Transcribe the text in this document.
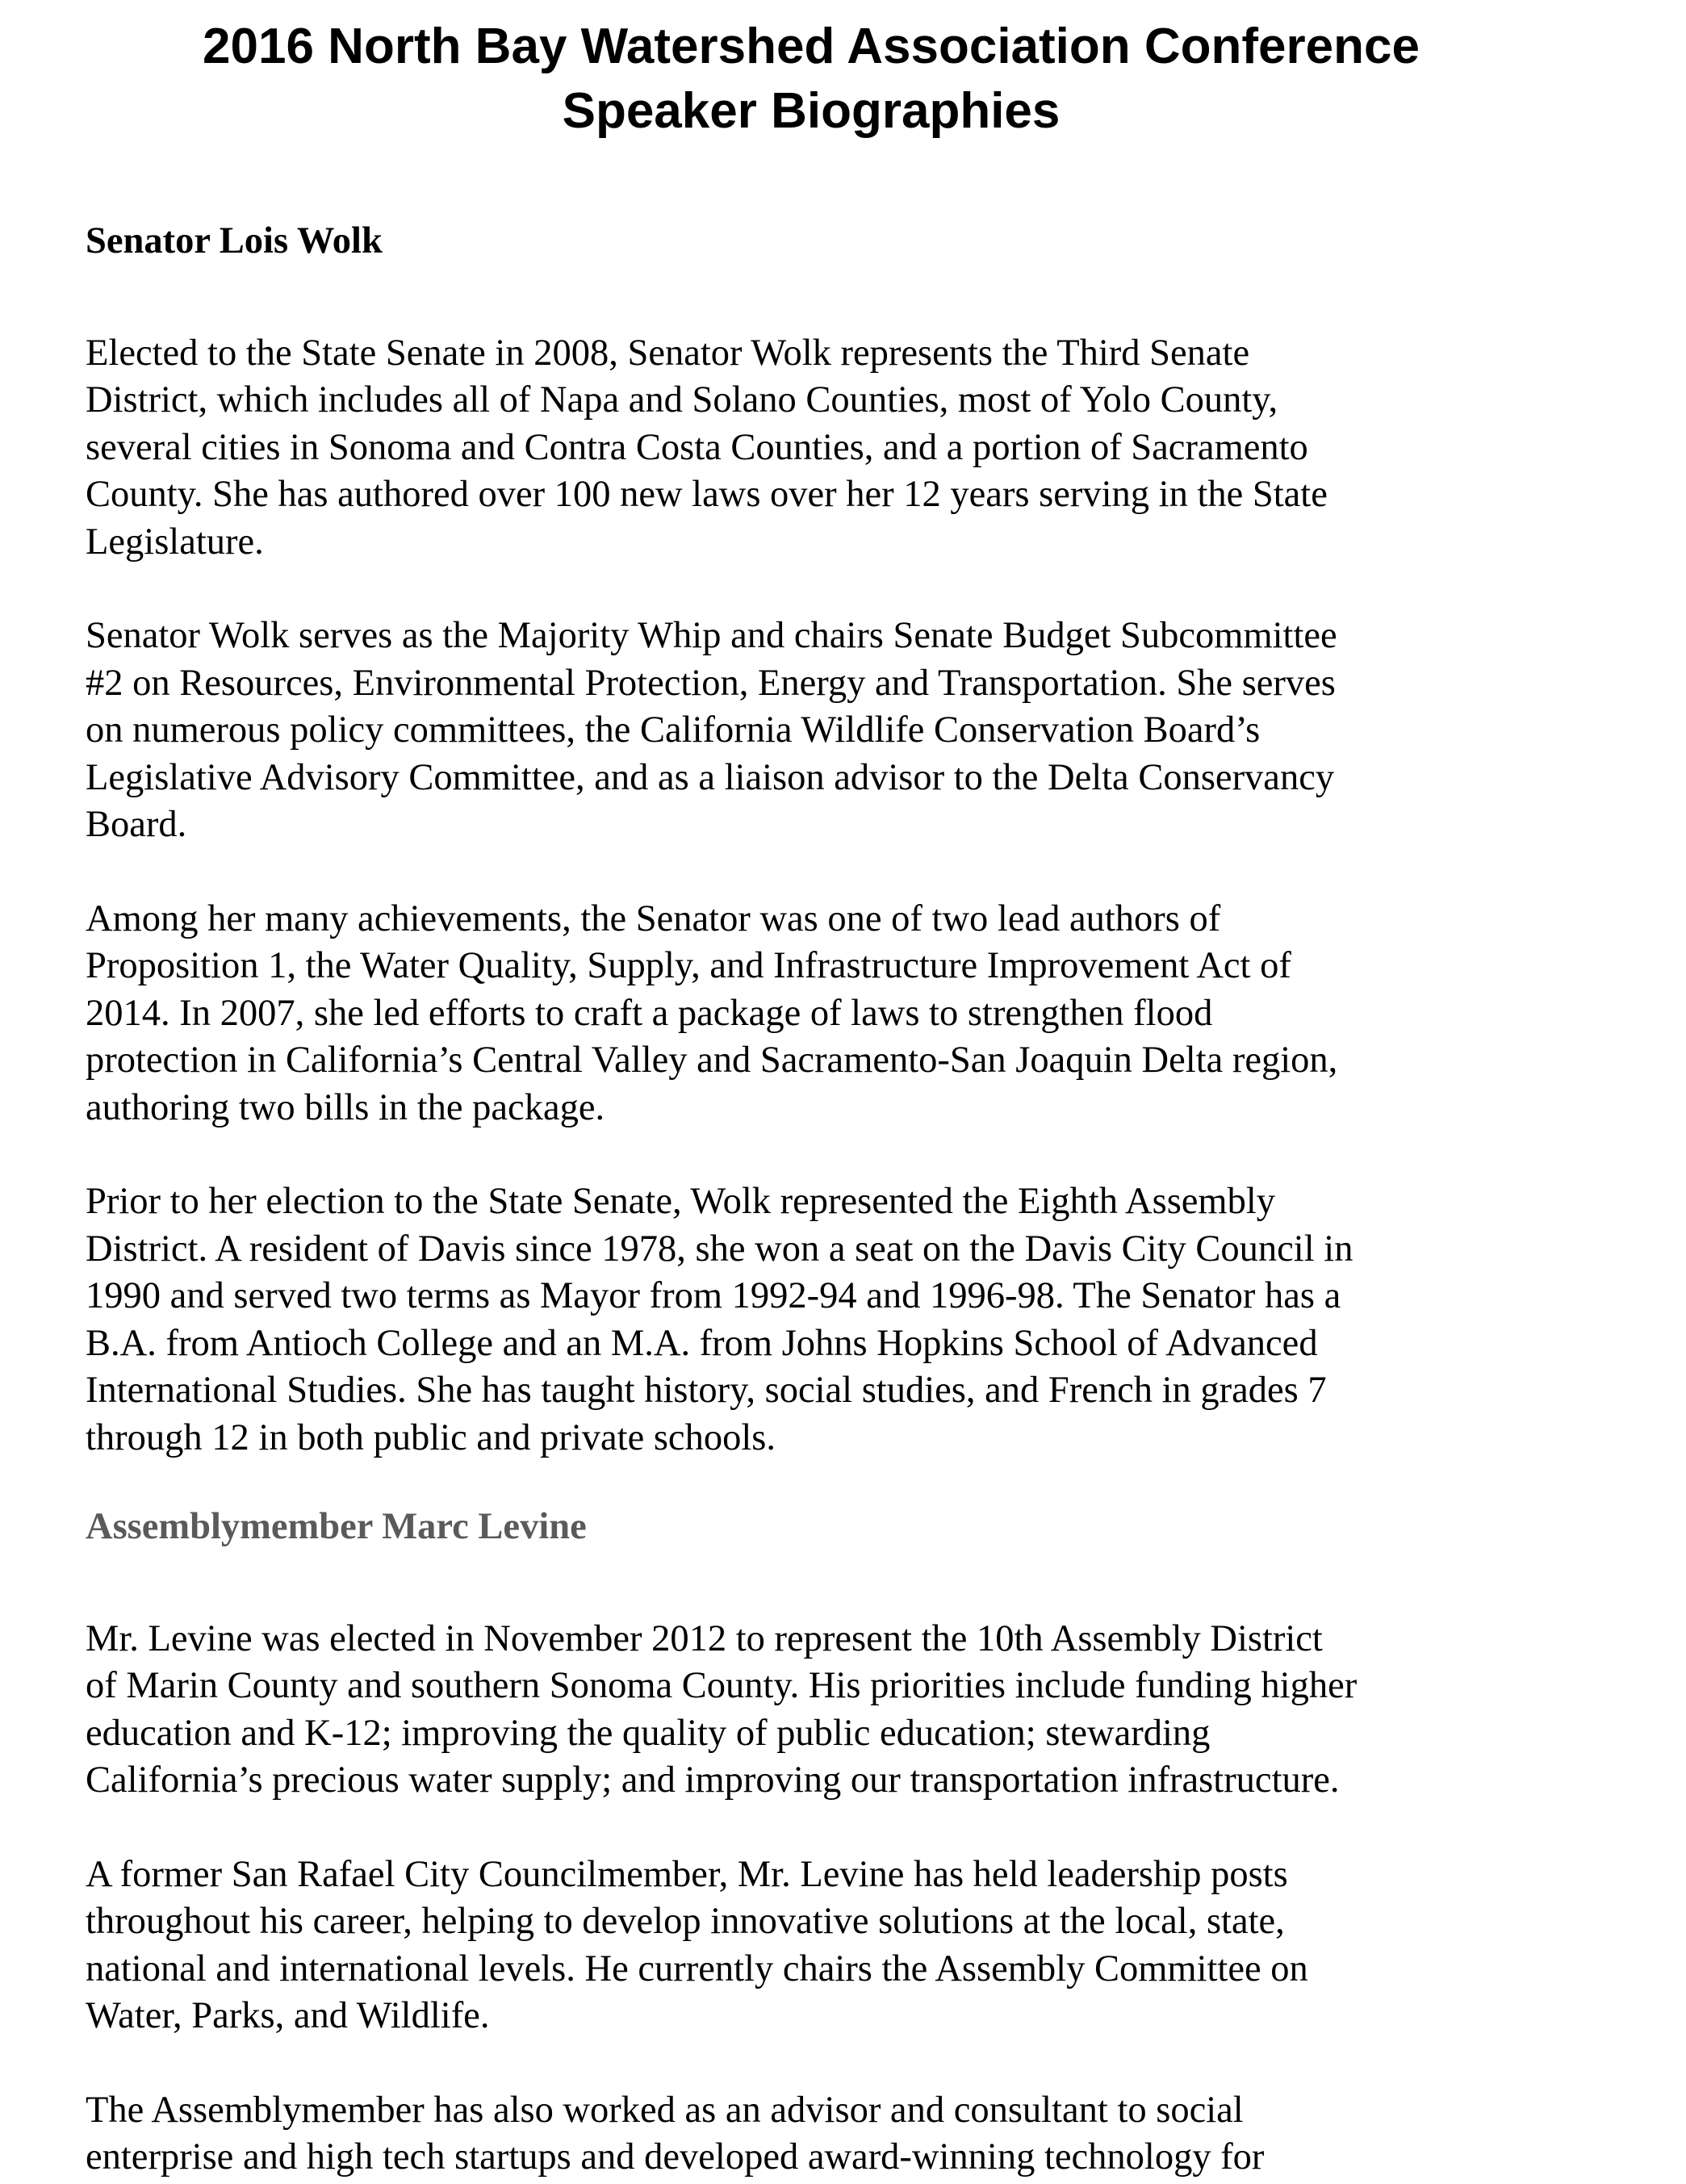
2016 North Bay Watershed Association Conference
Speaker Biographies
Senator Lois Wolk
Elected to the State Senate in 2008, Senator Wolk represents the Third Senate
District, which includes all of Napa and Solano Counties, most of Yolo County,
several cities in Sonoma and Contra Costa Counties, and a portion of Sacramento
County. She has authored over 100 new laws over her 12 years serving in the State
Legislature.
Senator Wolk serves as the Majority Whip and chairs Senate Budget Subcommittee
#2 on Resources, Environmental Protection, Energy and Transportation. She serves
on numerous policy committees, the California Wildlife Conservation Board’s
Legislative Advisory Committee, and as a liaison advisor to the Delta Conservancy
Board.
Among her many achievements, the Senator was one of two lead authors of
Proposition 1, the Water Quality, Supply, and Infrastructure Improvement Act of
2014. In 2007, she led efforts to craft a package of laws to strengthen flood
protection in California’s Central Valley and Sacramento-San Joaquin Delta region,
authoring two bills in the package.
Prior to her election to the State Senate, Wolk represented the Eighth Assembly
District. A resident of Davis since 1978, she won a seat on the Davis City Council in
1990 and served two terms as Mayor from 1992-94 and 1996-98. The Senator has a
B.A. from Antioch College and an M.A. from Johns Hopkins School of Advanced
International Studies. She has taught history, social studies, and French in grades 7
through 12 in both public and private schools.
Assemblymember Marc Levine
Mr. Levine was elected in November 2012 to represent the 10th Assembly District
of Marin County and southern Sonoma County. His priorities include funding higher
education and K-12; improving the quality of public education; stewarding
California’s precious water supply; and improving our transportation infrastructure.
A former San Rafael City Councilmember, Mr. Levine has held leadership posts
throughout his career, helping to develop innovative solutions at the local, state,
national and international levels. He currently chairs the Assembly Committee on
Water, Parks, and Wildlife.
The Assemblymember has also worked as an advisor and consultant to social
enterprise and high tech startups and developed award-winning technology for
